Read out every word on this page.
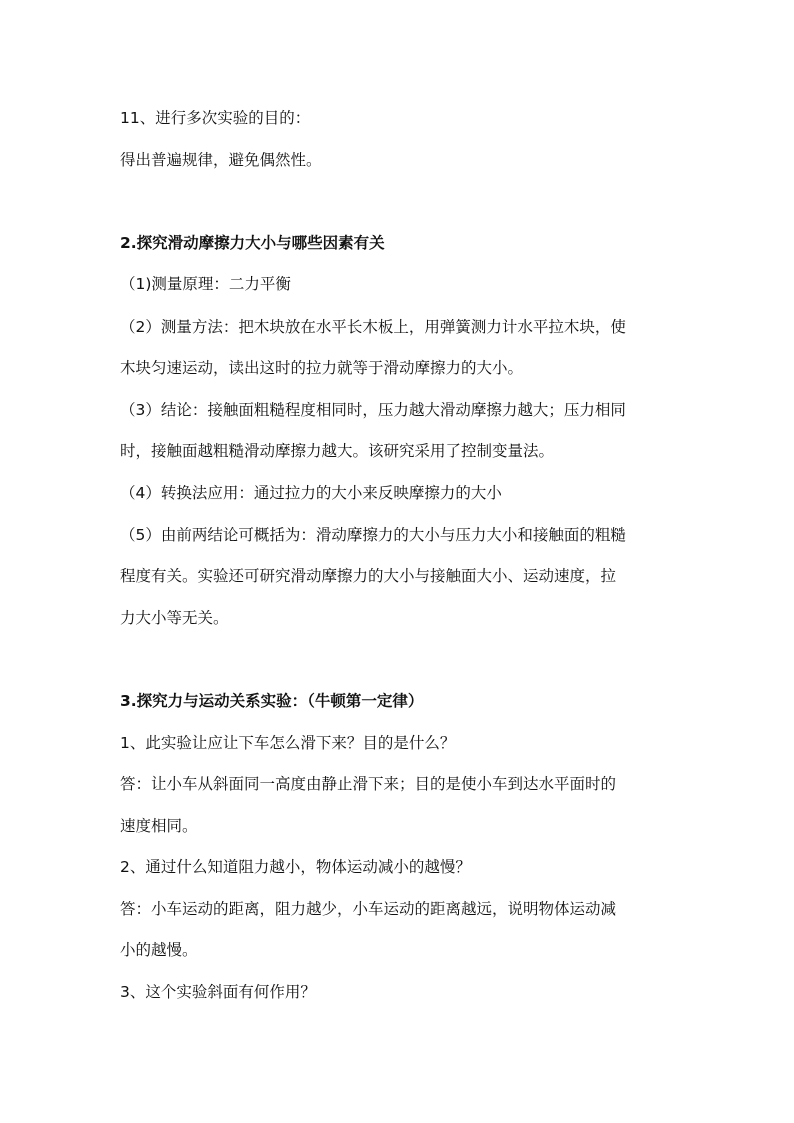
11、进行多次实验的目的：
得出普遍规律，避免偶然性。
2.探究滑动摩擦力大小与哪些因素有关
（1)测量原理：二力平衡
（2）测量方法：把木块放在水平长木板上，用弹簧测力计水平拉木块，使
木块匀速运动，读出这时的拉力就等于滑动摩擦力的大小。
（3）结论：接触面粗糙程度相同时，压力越大滑动摩擦力越大；压力相同
时，接触面越粗糙滑动摩擦力越大。该研究采用了控制变量法。
（4）转换法应用：通过拉力的大小来反映摩擦力的大小
（5）由前两结论可概括为：滑动摩擦力的大小与压力大小和接触面的粗糙
程度有关。实验还可研究滑动摩擦力的大小与接触面大小、运动速度，拉
力大小等无关。
3.探究力与运动关系实验：（牛顿第一定律）
1、此实验让应让下车怎么滑下来？目的是什么？
答：让小车从斜面同一高度由静止滑下来；目的是使小车到达水平面时的
速度相同。
2、通过什么知道阻力越小，物体运动减小的越慢？
答：小车运动的距离，阻力越少，小车运动的距离越远，说明物体运动减
小的越慢。
3、这个实验斜面有何作用？
